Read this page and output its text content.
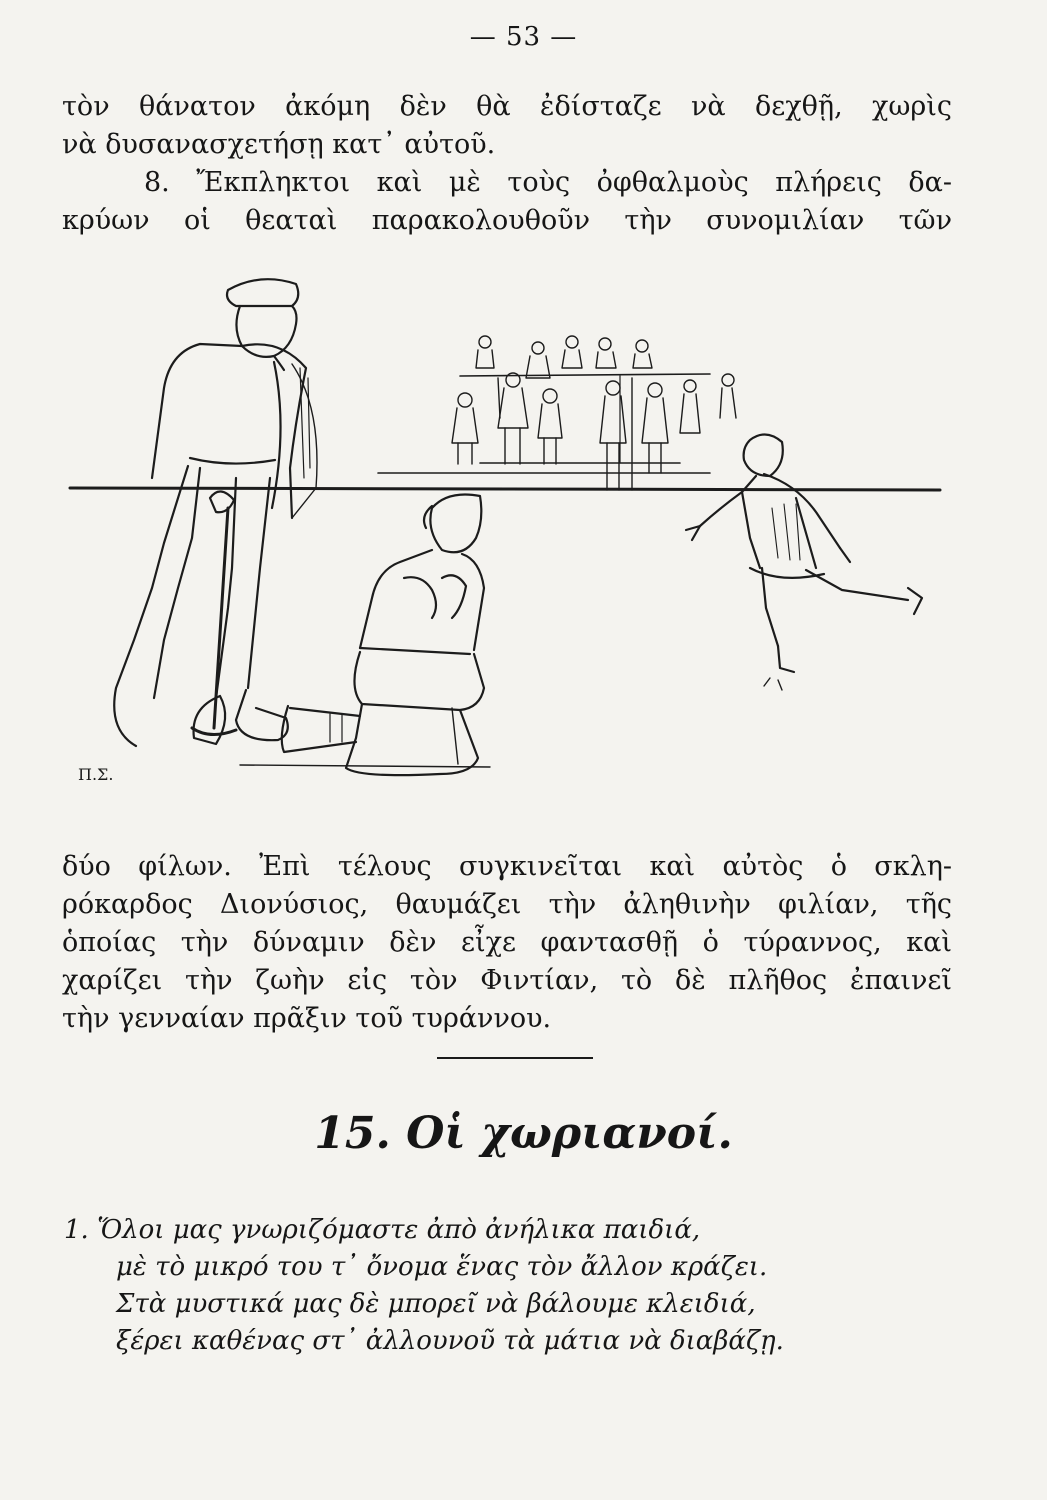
— 53 —
τὸν θάνατον ἀκόμη δὲν θὰ ἐδίσταζε νὰ δεχθῇ, χωρὶς
νὰ δυσανασχετήσῃ κατ᾿ αὐτοῦ.
8. Ἔκπληκτοι καὶ μὲ τοὺς ὀφθαλμοὺς πλήρεις δα-
κρύων οἱ θεαταὶ παρακολουθοῦν τὴν συνομιλίαν τῶν
Π.Σ.
δύο φίλων. Ἐπὶ τέλους συγκινεῖται καὶ αὐτὸς ὁ σκλη-
ρόκαρδος Διονύσιος, θαυμάζει τὴν ἀληθινὴν φιλίαν, τῆς
ὁποίας τὴν δύναμιν δὲν εἶχε φαντασθῇ ὁ τύραννος, καὶ
χαρίζει τὴν ζωὴν εἰς τὸν Φιντίαν, τὸ δὲ πλῆθος ἐπαινεῖ
τὴν γενναίαν πρᾶξιν τοῦ τυράννου.
15. Οἱ χωριανοί.
1. Ὅλοι μας γνωριζόμαστε ἀπὸ ἀνήλικα παιδιά,
μὲ τὸ μικρό του τ᾿ ὄνομα ἕνας τὸν ἄλλον κράζει.
Στὰ μυστικά μας δὲ μπορεῖ νὰ βάλουμε κλειδιά,
ξέρει καθένας στ᾿ ἀλλουνοῦ τὰ μάτια νὰ διαβάζῃ.
